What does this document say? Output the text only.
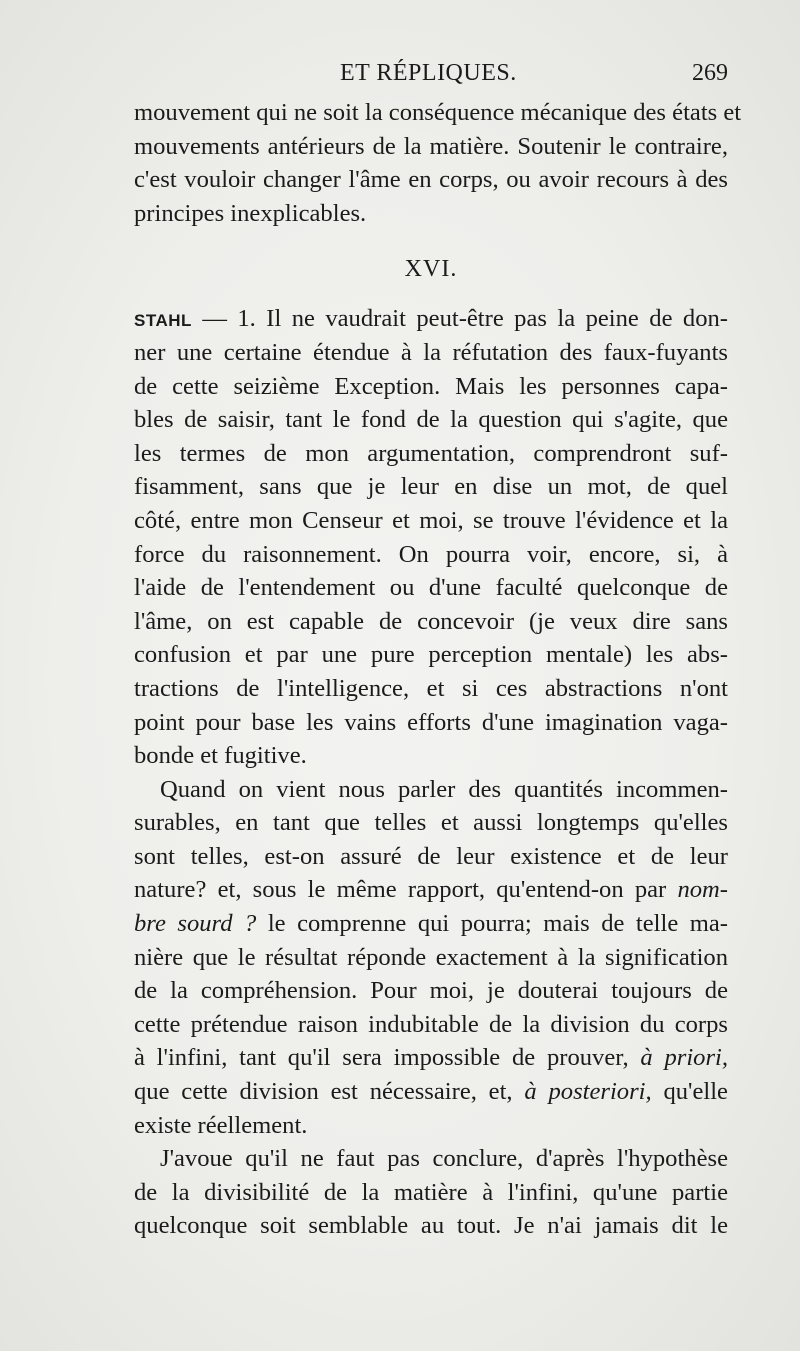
ET RÉPLIQUES.	269
mouvement qui ne soit la conséquence mécanique des états et
mouvements antérieurs de la matière. Soutenir le contraire,
c'est vouloir changer l'âme en corps, ou avoir recours à des
principes inexplicables.
XVI.
STAHL — 1. Il ne vaudrait peut-être pas la peine de don-
ner une certaine étendue à la réfutation des faux-fuyants
de cette seizième Exception. Mais les personnes capa-
bles de saisir, tant le fond de la question qui s'agite, que
les termes de mon argumentation, comprendront suf-
fisamment, sans que je leur en dise un mot, de quel
côté, entre mon Censeur et moi, se trouve l'évidence et la
force du raisonnement. On pourra voir, encore, si, à
l'aide de l'entendement ou d'une faculté quelconque de
l'âme, on est capable de concevoir (je veux dire sans
confusion et par une pure perception mentale) les abs-
tractions de l'intelligence, et si ces abstractions n'ont
point pour base les vains efforts d'une imagination vaga-
bonde et fugitive.
Quand on vient nous parler des quantités incommen-
surables, en tant que telles et aussi longtemps qu'elles
sont telles, est-on assuré de leur existence et de leur
nature? et, sous le même rapport, qu'entend-on par nom-
bre sourd ? le comprenne qui pourra; mais de telle ma-
nière que le résultat réponde exactement à la signification
de la compréhension. Pour moi, je douterai toujours de
cette prétendue raison indubitable de la division du corps
à l'infini, tant qu'il sera impossible de prouver, à priori,
que cette division est nécessaire, et, à posteriori, qu'elle
existe réellement.
J'avoue qu'il ne faut pas conclure, d'après l'hypothèse
de la divisibilité de la matière à l'infini, qu'une partie
quelconque soit semblable au tout. Je n'ai jamais dit le
